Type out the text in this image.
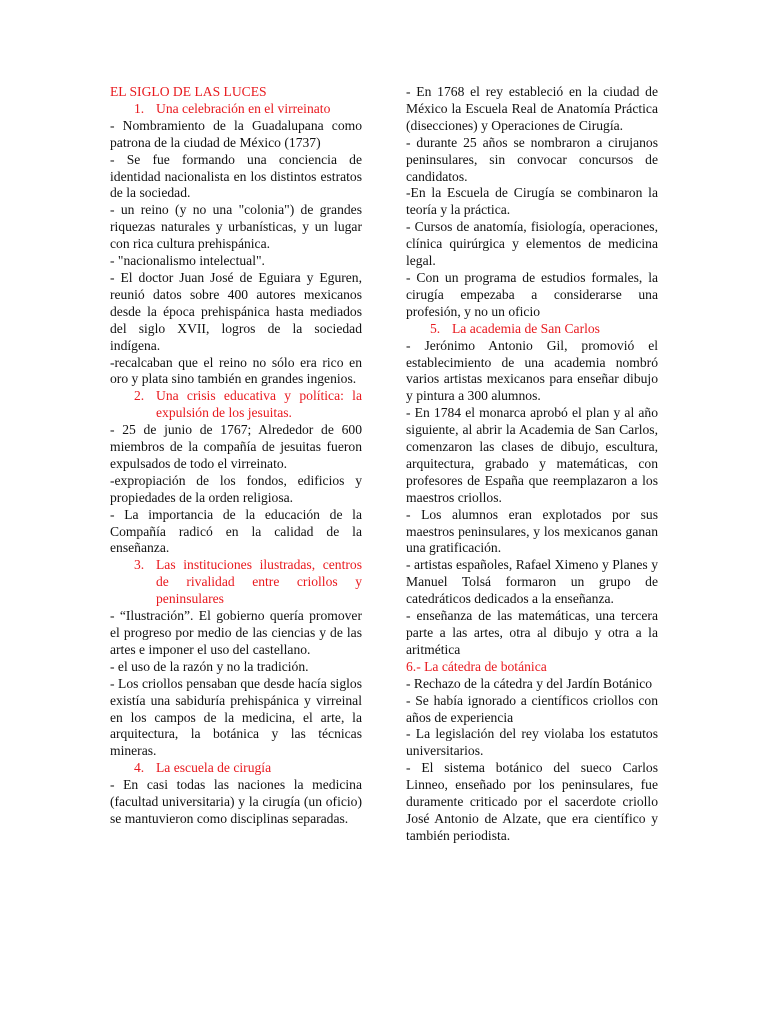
EL SIGLO DE LAS LUCES
1. Una celebración en el virreinato

- Nombramiento de la Guadalupana como patrona de la ciudad de México (1737)

- Se fue formando una conciencia de identidad nacionalista en los distintos estratos de la sociedad.

- un reino (y no una "colonia") de grandes riquezas naturales y urbanísticas, y un lugar con rica cultura prehispánica.

- "nacionalismo intelectual".

- El doctor Juan José de Eguiara y Eguren, reunió datos sobre 400 autores mexicanos desde la época prehispánica hasta mediados del siglo XVII, logros de la sociedad indígena.

-recalcaban que el reino no sólo era rico en oro y plata sino también en grandes ingenios.

2. Una crisis educativa y política: la expulsión de los jesuitas.

- 25 de junio de 1767; Alrededor de 600 miembros de la compañía de jesuitas fueron expulsados de todo el virreinato.

-expropiación de los fondos, edificios y propiedades de la orden religiosa.

- La importancia de la educación de la Compañía radicó en la calidad de la enseñanza.

3. Las instituciones ilustradas, centros de rivalidad entre criollos y peninsulares

- “Ilustración”. El gobierno quería promover el progreso por medio de las ciencias y de las artes e imponer el uso del castellano.

- el uso de la razón y no la tradición.

- Los criollos pensaban que desde hacía siglos existía una sabiduría prehispánica y virreinal en los campos de la medicina, el arte, la arquitectura, la botánica y las técnicas mineras.

4. La escuela de cirugía

- En casi todas las naciones la medicina (facultad universitaria) y la cirugía (un oficio) se mantuvieron como disciplinas separadas.

- En 1768 el rey estableció en la ciudad de México la Escuela Real de Anatomía Práctica (disecciones) y Operaciones de Cirugía.

- durante 25 años se nombraron a cirujanos peninsulares, sin convocar concursos de candidatos.

-En la Escuela de Cirugía se combinaron la teoría y la práctica.

- Cursos de anatomía, fisiología, operaciones, clínica quirúrgica y elementos de medicina legal.

- Con un programa de estudios formales, la cirugía empezaba a considerarse una profesión, y no un oficio

5. La academia de San Carlos

- Jerónimo Antonio Gil, promovió el establecimiento de una academia nombró varios artistas mexicanos para enseñar dibujo y pintura a 300 alumnos.

- En 1784 el monarca aprobó el plan y al año siguiente, al abrir la Academia de San Carlos, comenzaron las clases de dibujo, escultura, arquitectura, grabado y matemáticas, con profesores de España que reemplazaron a los maestros criollos.

- Los alumnos eran explotados por sus maestros peninsulares, y los mexicanos ganan una gratificación.

- artistas españoles, Rafael Ximeno y Planes y Manuel Tolsá formaron un grupo de catedráticos dedicados a la enseñanza.

- enseñanza de las matemáticas, una tercera parte a las artes, otra al dibujo y otra a la aritmética

6.- La cátedra de botánica

- Rechazo de la cátedra y del Jardín Botánico

- Se había ignorado a científicos criollos con años de experiencia

- La legislación del rey violaba los estatutos universitarios.

- El sistema botánico del sueco Carlos Linneo, enseñado por los peninsulares, fue duramente criticado por el sacerdote criollo José Antonio de Alzate, que era científico y también periodista.
